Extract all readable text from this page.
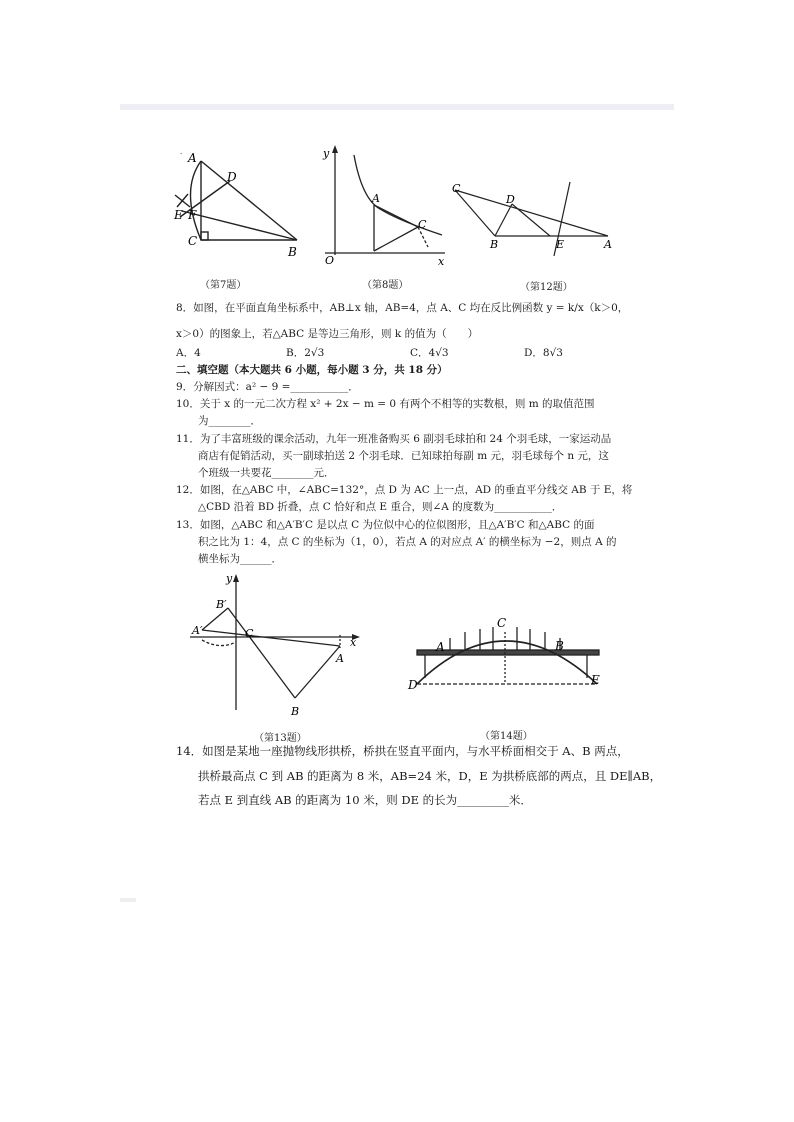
· A
D
E F
C
B
（第7题）
y
A
C
O	x
（第8题）
C
D
B	E	A
（第12题）
8．如图，在平面直角坐标系中，AB⊥x 轴，AB=4，点 A、C 均在反比例函数 y = k/x（k＞0，
x＞0）的图象上，若△ABC 是等边三角形，则 k 的值为（　　）
A．4	B．2√3	C．4√3	D．8√3
二、填空题（本大题共 6 小题，每小题 3 分，共 18 分）
9．分解因式：a² − 9 =___________．
10．关于 x 的一元二次方程 x² + 2x − m = 0 有两个不相等的实数根，则 m 的取值范围
为________．
11．为了丰富班级的课余活动，九年一班准备购买 6 副羽毛球拍和 24 个羽毛球，一家运动品
商店有促销活动，买一副球拍送 2 个羽毛球．已知球拍每副 m 元，羽毛球每个 n 元，这
个班级一共要花________元．
12．如图，在△ABC 中，∠ABC=132°，点 D 为 AC 上一点，AD 的垂直平分线交 AB 于 E，将
△CBD 沿着 BD 折叠，点 C 恰好和点 E 重合，则∠A 的度数为___________．
13．如图，△ABC 和△A′B′C 是以点 C 为位似中心的位似图形，且△A′B′C 和△ABC 的面
积之比为 1：4，点 C 的坐标为（1，0），若点 A 的对应点 A′ 的横坐标为 −2，则点 A 的
横坐标为______．
y
B′
A′	C
x
A
B
（第13题）
C
A	B
D	E
（第14题）
14．如图是某地一座抛物线形拱桥，桥拱在竖直平面内，与水平桥面相交于 A、B 两点，
拱桥最高点 C 到 AB 的距离为 8 米，AB=24 米，D，E 为拱桥底部的两点，且 DE∥AB，
若点 E 到直线 AB 的距离为 10 米，则 DE 的长为_________米．
